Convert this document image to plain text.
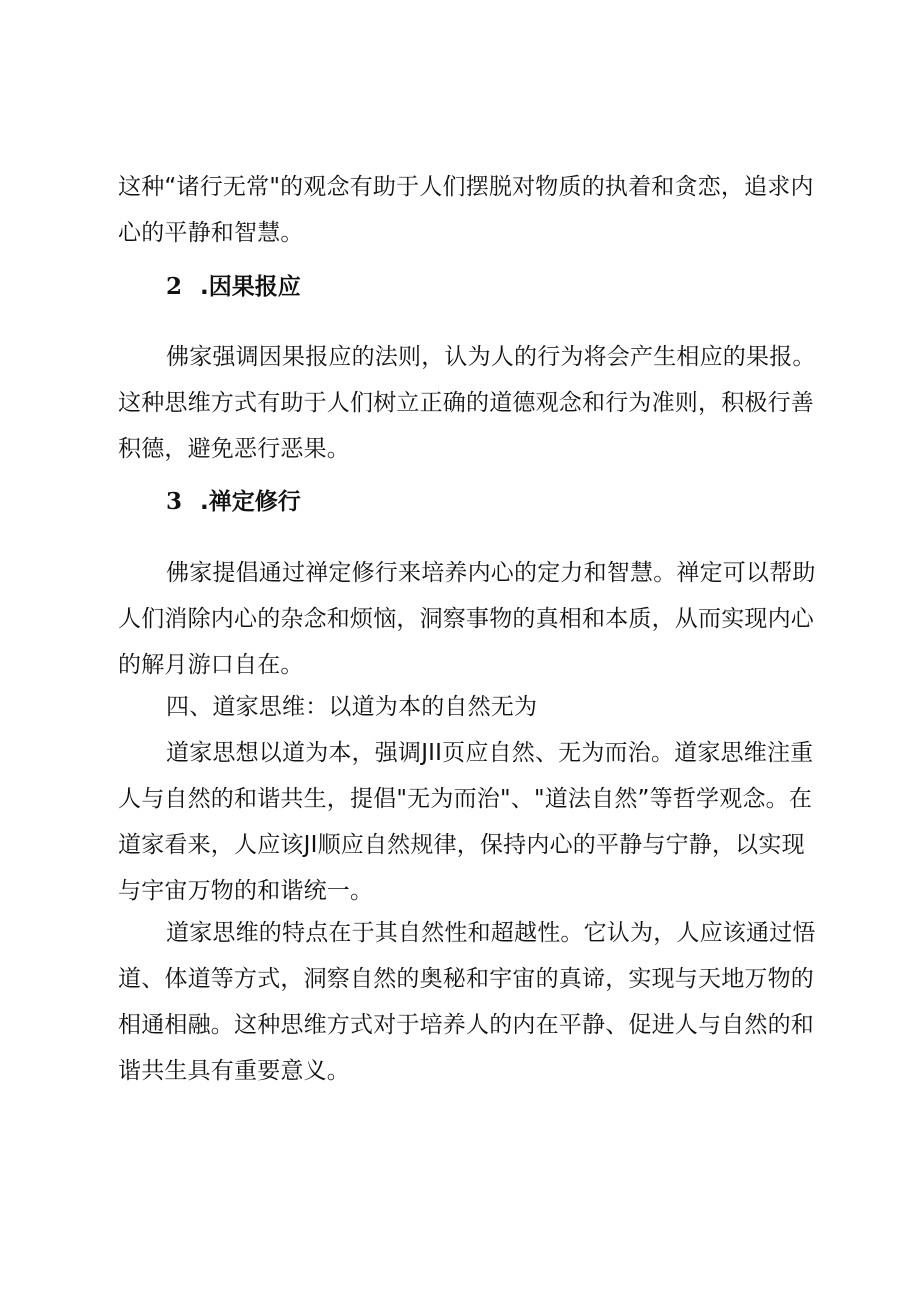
这种“诸行无常"的观念有助于人们摆脱对物质的执着和贪恋，追求内心的平静和智慧。

2 .因果报应

佛家强调因果报应的法则，认为人的行为将会产生相应的果报。这种思维方式有助于人们树立正确的道德观念和行为准则，积极行善积德，避免恶行恶果。

3 .禅定修行

佛家提倡通过禅定修行来培养内心的定力和智慧。禅定可以帮助人们消除内心的杂念和烦恼，洞察事物的真相和本质，从而实现内心的解月游口自在。

四、道家思维：以道为本的自然无为

道家思想以道为本，强调JII页应自然、无为而治。道家思维注重人与自然的和谐共生，提倡"无为而治"、"道法自然”等哲学观念。在道家看来，人应该JI顺应自然规律，保持内心的平静与宁静，以实现与宇宙万物的和谐统一。

道家思维的特点在于其自然性和超越性。它认为，人应该通过悟道、体道等方式，洞察自然的奥秘和宇宙的真谛，实现与天地万物的相通相融。这种思维方式对于培养人的内在平静、促进人与自然的和谐共生具有重要意义。
